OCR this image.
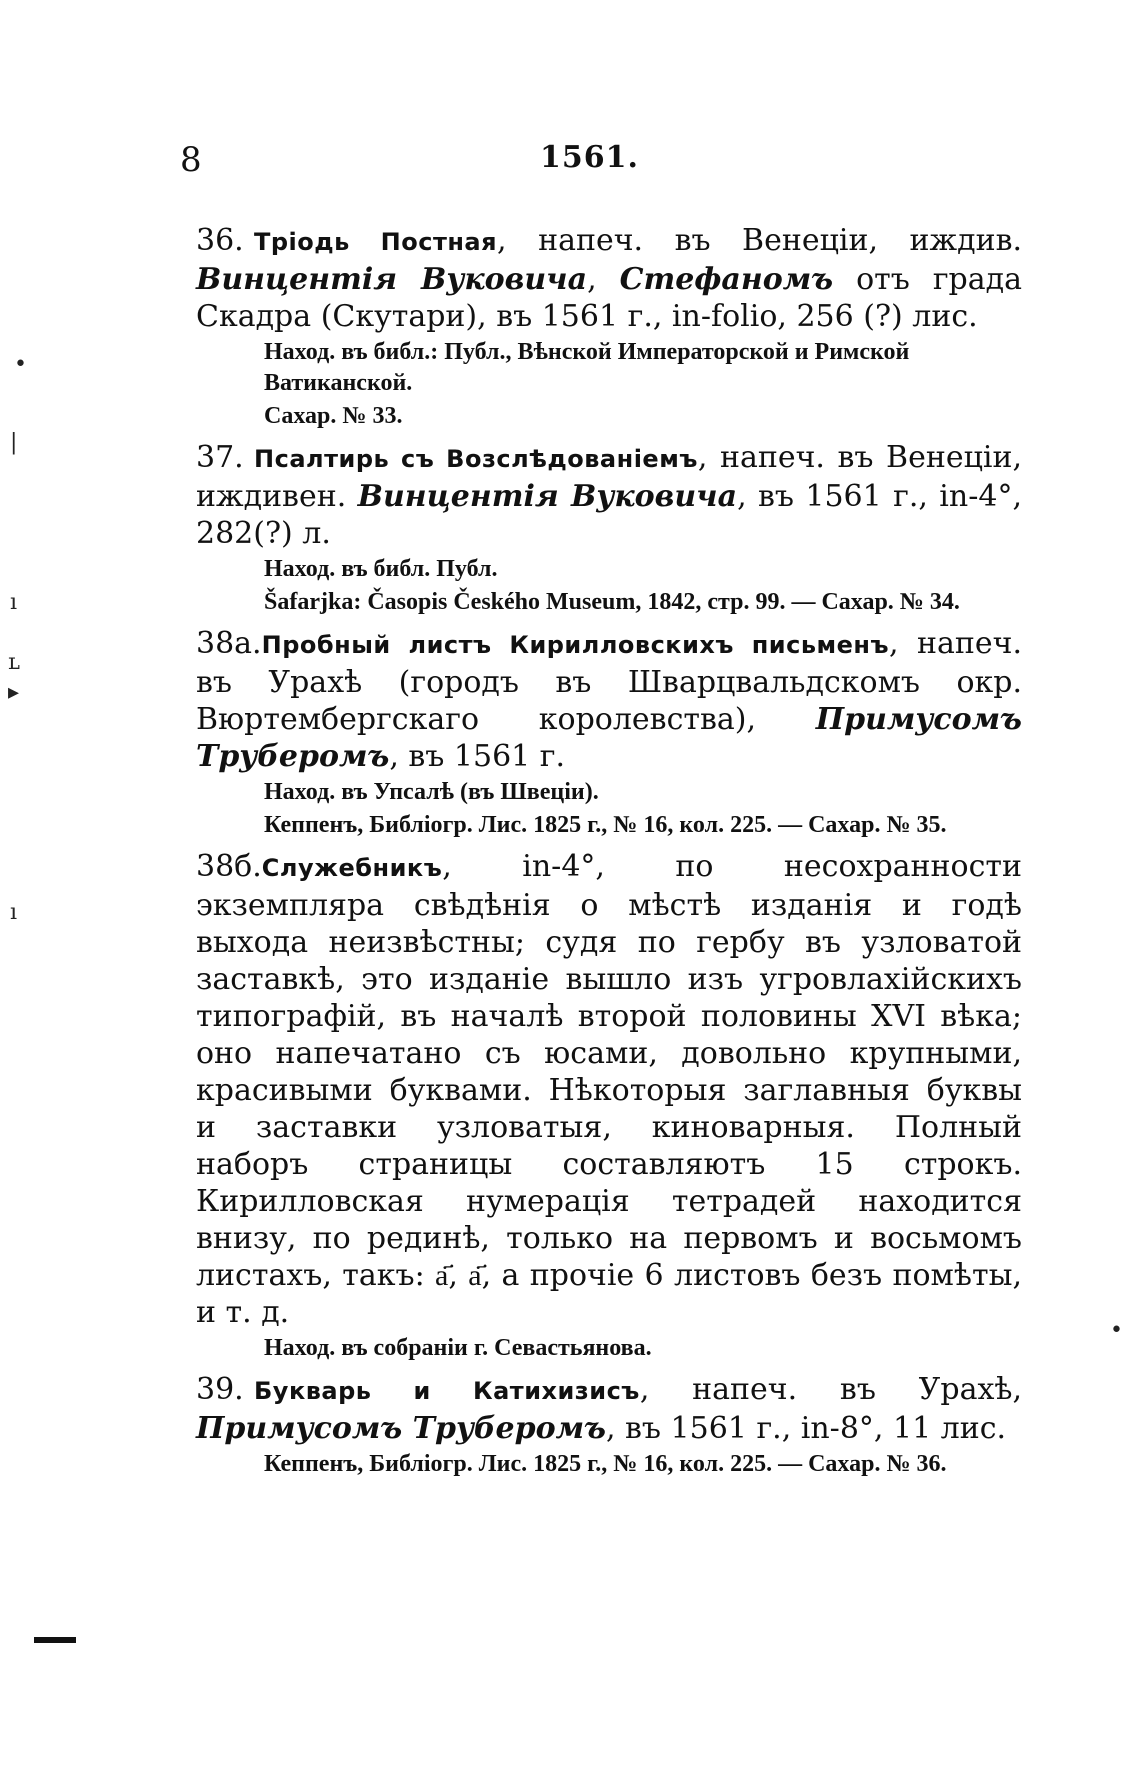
8	1561.
36. Тріодь Постная, напеч. въ Венеціи, иждив. Винцентія Вуковича, Стефаномъ отъ града Скадра (Скутари), въ 1561 г., in-folio, 256 (?) лис.
Наход. въ библ.: Публ., Вѣнской Императорской и Римской Ватиканской.
Сахар. № 33.
37. Псалтирь съ Возслѣдованіемъ, напеч. въ Венеціи, иждивен. Винцентія Вуковича, въ 1561 г., in-4°, 282(?) л.
Наход. въ библ. Публ.
Šafarjka: Časopis Českého Museum, 1842, стр. 99. — Сахар. № 34.
38а.Пробный листъ Кирилловскихъ письменъ, напеч. въ Урахѣ (городъ въ Шварцвальдскомъ окр. Вюртембергскаго королевства), Примусомъ Труберомъ, въ 1561 г.
Наход. въ Упсалѣ (въ Швеціи).
Кеппенъ, Библіогр. Лис. 1825 г., № 16, кол. 225. — Сахар. № 35.
38б.Служебникъ, in-4°, по несохранности экземпляра свѣдѣнія о мѣстѣ изданія и годѣ выхода неизвѣстны; судя по гербу въ узловатой заставкѣ, это изданіе вышло изъ угровлахійскихъ типографій, въ началѣ второй половины XVI вѣка; оно напечатано съ юсами, довольно крупными, красивыми буквами. Нѣкоторыя заглавныя буквы и заставки узловатыя, киноварныя. Полный наборъ страницы составляютъ 15 строкъ. Кирилловская нумерація тетрадей находится внизу, по рединѣ, только на первомъ и восьмомъ листахъ, такъ: а҃, а҃, а прочіе 6 листовъ безъ помѣты, и т. д.
Наход. въ собраніи г. Севастьянова.
39. Букварь и Катихизисъ, напеч. въ Урахѣ, Примусомъ Труберомъ, въ 1561 г., in-8°, 11 лис.
Кеппенъ, Библіогр. Лис. 1825 г., № 16, кол. 225. — Сахар. № 36.
•
|
ı
ʟ
▸
ı
•
